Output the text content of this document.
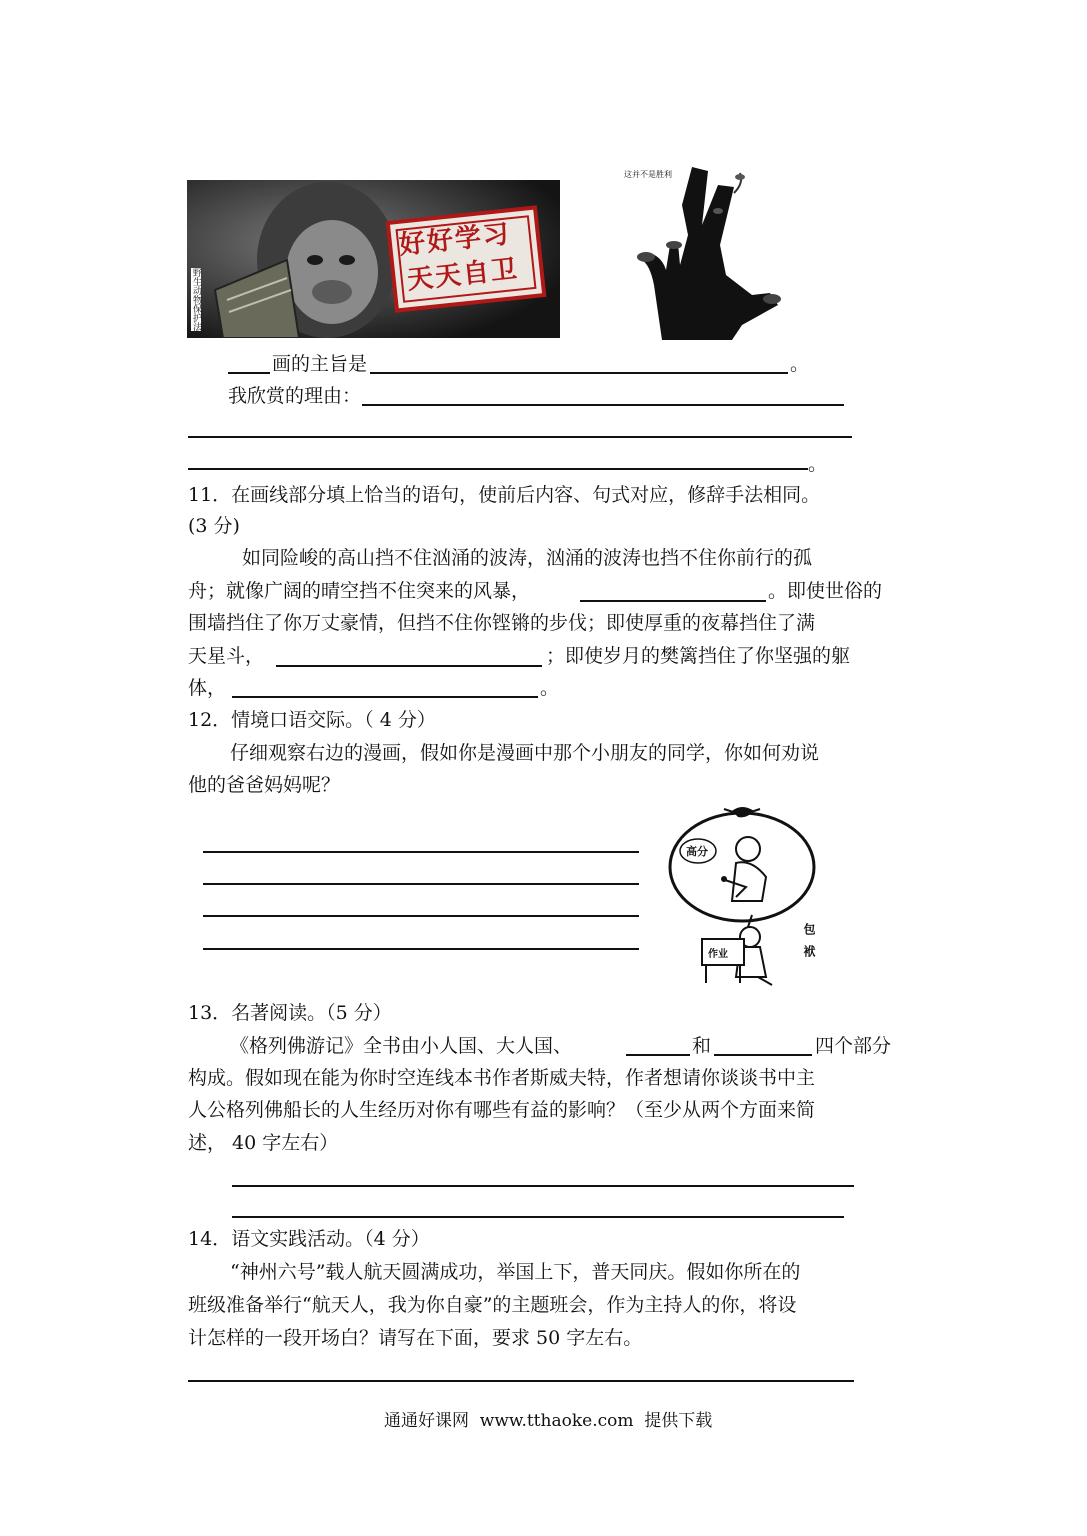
好好学习
天天自卫
野生动物保护法
这并不是胜利
画的主旨是	。
我欣赏的理由：
。
11．在画线部分填上恰当的语句，使前后内容、句式对应，修辞手法相同。
(3 分)
如同险峻的高山挡不住汹涌的波涛，汹涌的波涛也挡不住你前行的孤
舟；就像广阔的晴空挡不住突来的风暴，	。即使世俗的
围墙挡住了你万丈豪情，但挡不住你铿锵的步伐；即使厚重的夜幕挡住了满
天星斗，	；即使岁月的樊篱挡住了你坚强的躯
体，	。
12．情境口语交际。（ 4 分）
仔细观察右边的漫画，假如你是漫画中那个小朋友的同学，你如何劝说
他的爸爸妈妈呢？
高分
作业	包袱
13．名著阅读。（5 分）
《格列佛游记》全书由小人国、大人国、	和	四个部分
构成。假如现在能为你时空连线本书作者斯威夫特，作者想请你谈谈书中主
人公格列佛船长的人生经历对你有哪些有益的影响？（至少从两个方面来简
述， 40 字左右）
14．语文实践活动。（4 分）
“神州六号”载人航天圆满成功，举国上下，普天同庆。假如你所在的
班级准备举行“航天人，我为你自豪”的主题班会，作为主持人的你，将设
计怎样的一段开场白？请写在下面，要求 50 字左右。
通通好课网  www.tthaoke.com  提供下载
